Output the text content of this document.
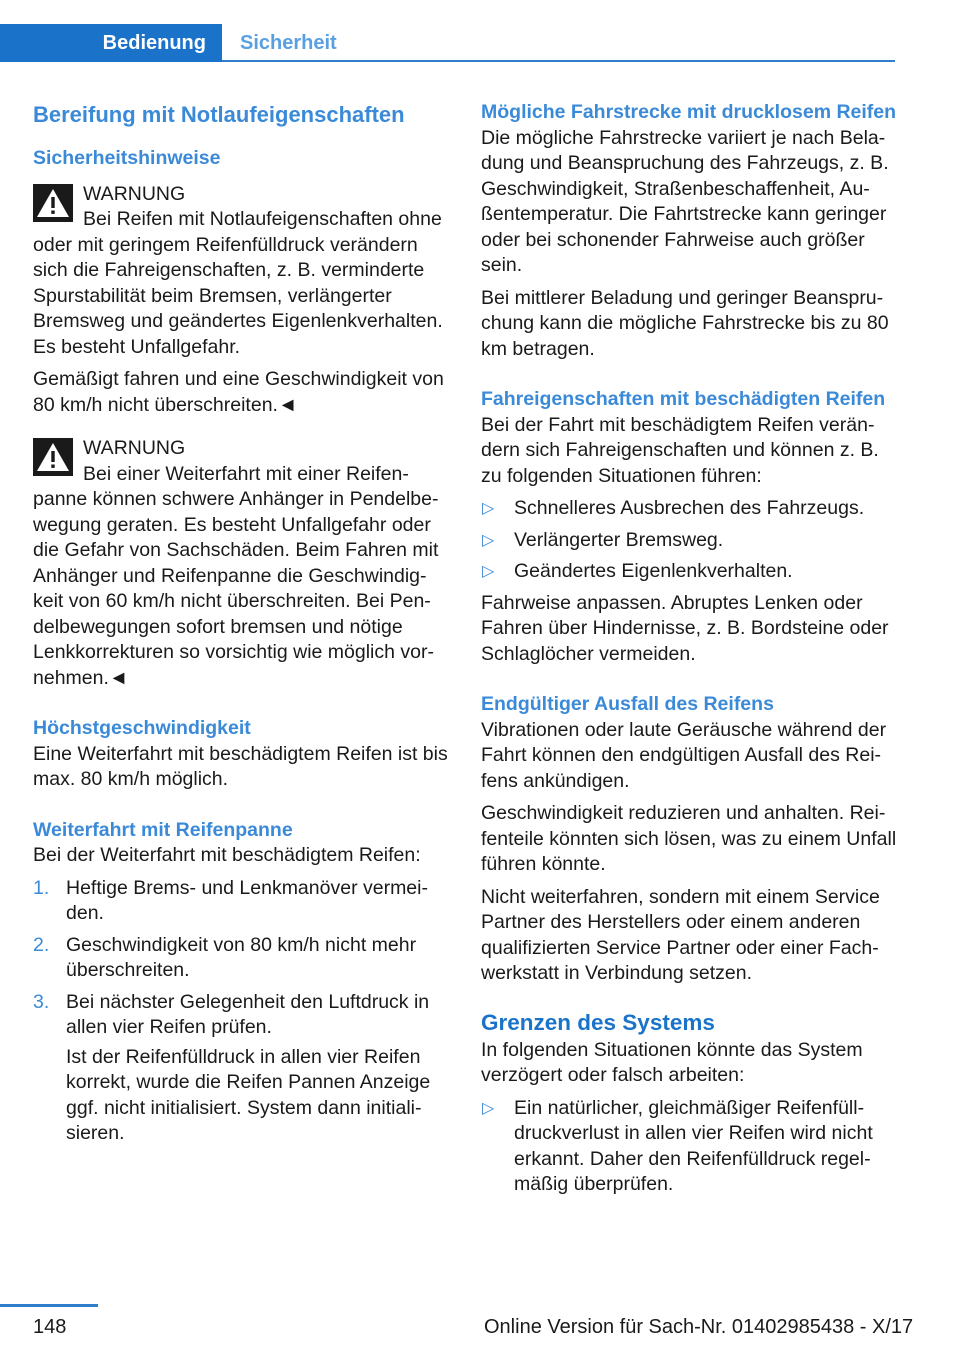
Bedienung	Sicherheit
Bereifung mit Notlaufeigenschaften
Sicherheitshinweise
WARNUNG
Bei Reifen mit Notlaufeigenschaften ohne oder mit geringem Reifenfülldruck verändern sich die Fahreigenschaften, z. B. verminderte Spurstabilität beim Bremsen, verlängerter Bremsweg und geändertes Eigenlenkverhalten. Es besteht Unfallgefahr.

Gemäßigt fahren und eine Geschwindigkeit von 80 km/h nicht überschreiten.◄

WARNUNG
Bei einer Weiterfahrt mit einer Reifenpanne können schwere Anhänger in Pendelbewegung geraten. Es besteht Unfallgefahr oder die Gefahr von Sachschäden. Beim Fahren mit Anhänger und Reifenpanne die Geschwindigkeit von 60 km/h nicht überschreiten. Bei Pendelbewegungen sofort bremsen und nötige Lenkkorrekturen so vorsichtig wie möglich vornehmen.◄
Höchstgeschwindigkeit

Eine Weiterfahrt mit beschädigtem Reifen ist bis max. 80 km/h möglich.

Weiterfahrt mit Reifenpanne

Bei der Weiterfahrt mit beschädigtem Reifen:

1. Heftige Brems- und Lenkmanöver vermeiden.
2. Geschwindigkeit von 80 km/h nicht mehr überschreiten.
3. Bei nächster Gelegenheit den Luftdruck in allen vier Reifen prüfen.

Ist der Reifenfülldruck in allen vier Reifen korrekt, wurde die Reifen Pannen Anzeige ggf. nicht initialisiert. System dann initialisieren.

Mögliche Fahrstrecke mit drucklosem Reifen

Die mögliche Fahrstrecke variiert je nach Beladung und Beanspruchung des Fahrzeugs, z. B. Geschwindigkeit, Straßenbeschaffenheit, Außentemperatur. Die Fahrtstrecke kann geringer oder bei schonender Fahrweise auch größer sein.

Bei mittlerer Beladung und geringer Beanspruchung kann die mögliche Fahrstrecke bis zu 80 km betragen.

Fahreigenschaften mit beschädigten Reifen

Bei der Fahrt mit beschädigtem Reifen verändern sich Fahreigenschaften und können z. B. zu folgenden Situationen führen:

▷ Schnelleres Ausbrechen des Fahrzeugs.
▷ Verlängerter Bremsweg.
▷ Geändertes Eigenlenkverhalten.

Fahrweise anpassen. Abruptes Lenken oder Fahren über Hindernisse, z. B. Bordsteine oder Schlaglöcher vermeiden.

Endgültiger Ausfall des Reifens

Vibrationen oder laute Geräusche während der Fahrt können den endgültigen Ausfall des Reifens ankündigen.

Geschwindigkeit reduzieren und anhalten. Reifenteile könnten sich lösen, was zu einem Unfall führen könnte.

Nicht weiterfahren, sondern mit einem Service Partner des Herstellers oder einem anderen qualifizierten Service Partner oder einer Fachwerkstatt in Verbindung setzen.

Grenzen des Systems

In folgenden Situationen könnte das System verzögert oder falsch arbeiten:

▷ Ein natürlicher, gleichmäßiger Reifenfülldruckverlust in allen vier Reifen wird nicht erkannt. Daher den Reifenfülldruck regelmäßig überprüfen.
148	Online Version für Sach-Nr. 01402985438 - X/17
